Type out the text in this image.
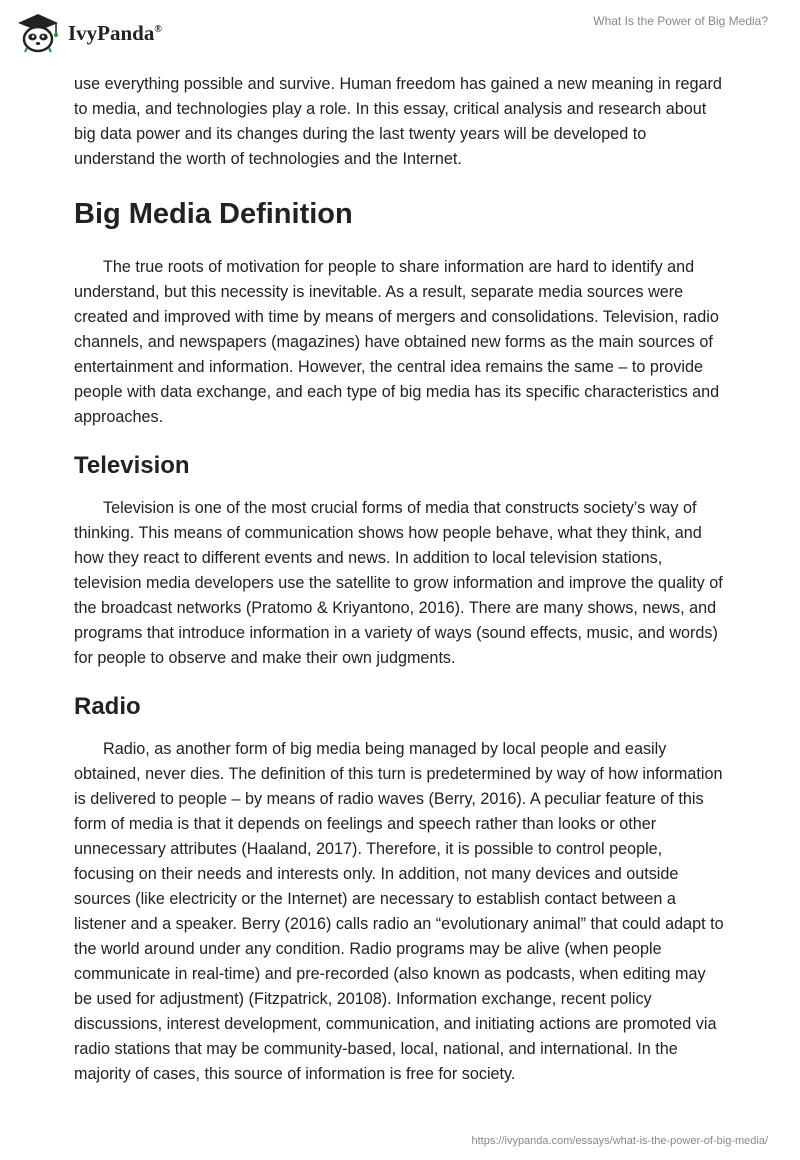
IvyPanda®
What Is the Power of Big Media?

use everything possible and survive. Human freedom has gained a new meaning in regard to media, and technologies play a role. In this essay, critical analysis and research about big data power and its changes during the last twenty years will be developed to understand the worth of technologies and the Internet.

Big Media Definition

The true roots of motivation for people to share information are hard to identify and understand, but this necessity is inevitable. As a result, separate media sources were created and improved with time by means of mergers and consolidations. Television, radio channels, and newspapers (magazines) have obtained new forms as the main sources of entertainment and information. However, the central idea remains the same – to provide people with data exchange, and each type of big media has its specific characteristics and approaches.

Television

Television is one of the most crucial forms of media that constructs society’s way of thinking. This means of communication shows how people behave, what they think, and how they react to different events and news. In addition to local television stations, television media developers use the satellite to grow information and improve the quality of the broadcast networks (Pratomo & Kriyantono, 2016). There are many shows, news, and programs that introduce information in a variety of ways (sound effects, music, and words) for people to observe and make their own judgments.

Radio

Radio, as another form of big media being managed by local people and easily obtained, never dies. The definition of this turn is predetermined by way of how information is delivered to people – by means of radio waves (Berry, 2016). A peculiar feature of this form of media is that it depends on feelings and speech rather than looks or other unnecessary attributes (Haaland, 2017). Therefore, it is possible to control people, focusing on their needs and interests only. In addition, not many devices and outside sources (like electricity or the Internet) are necessary to establish contact between a listener and a speaker. Berry (2016) calls radio an “evolutionary animal” that could adapt to the world around under any condition. Radio programs may be alive (when people communicate in real-time) and pre-recorded (also known as podcasts, when editing may be used for adjustment) (Fitzpatrick, 20108). Information exchange, recent policy discussions, interest development, communication, and initiating actions are promoted via radio stations that may be community-based, local, national, and international. In the majority of cases, this source of information is free for society.

https://ivypanda.com/essays/what-is-the-power-of-big-media/
